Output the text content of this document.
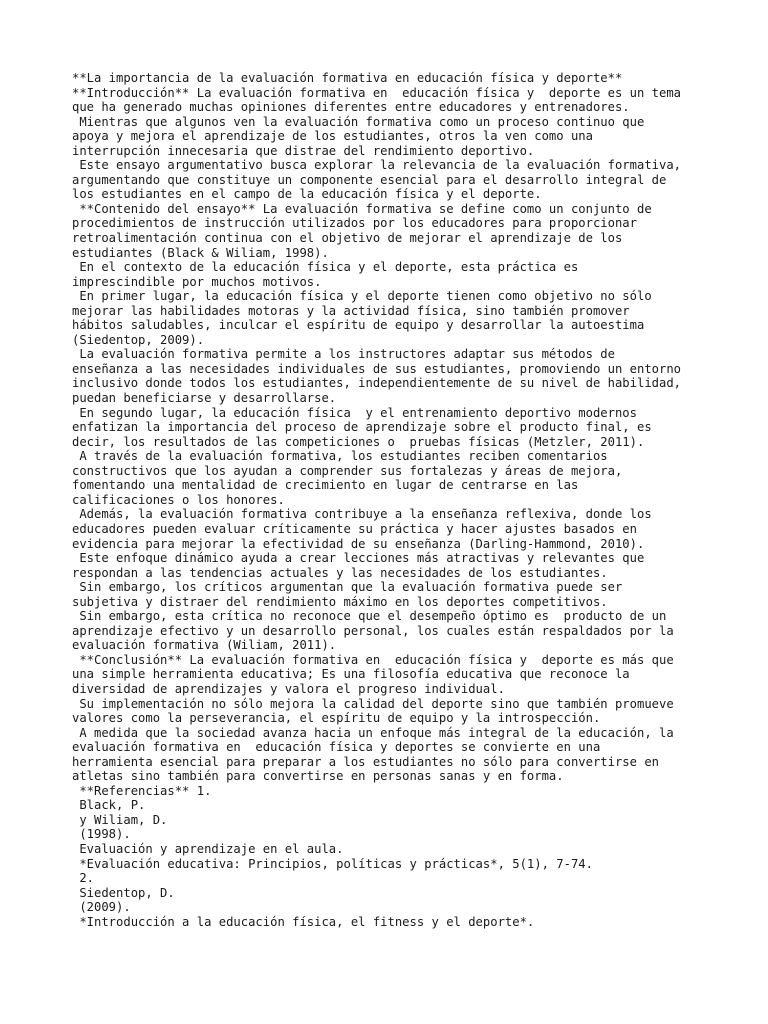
**La importancia de la evaluación formativa en educación física y deporte**
**Introducción** La evaluación formativa en  educación física y  deporte es un tema
que ha generado muchas opiniones diferentes entre educadores y entrenadores.
Mientras que algunos ven la evaluación formativa como un proceso continuo que
apoya y mejora el aprendizaje de los estudiantes, otros la ven como una
interrupción innecesaria que distrae del rendimiento deportivo.
Este ensayo argumentativo busca explorar la relevancia de la evaluación formativa,
argumentando que constituye un componente esencial para el desarrollo integral de
los estudiantes en el campo de la educación física y el deporte.
**Contenido del ensayo** La evaluación formativa se define como un conjunto de
procedimientos de instrucción utilizados por los educadores para proporcionar
retroalimentación continua con el objetivo de mejorar el aprendizaje de los
estudiantes (Black & Wiliam, 1998).
En el contexto de la educación física y el deporte, esta práctica es
imprescindible por muchos motivos.
En primer lugar, la educación física y el deporte tienen como objetivo no sólo
mejorar las habilidades motoras y la actividad física, sino también promover
hábitos saludables, inculcar el espíritu de equipo y desarrollar la autoestima
(Siedentop, 2009).
La evaluación formativa permite a los instructores adaptar sus métodos de
enseñanza a las necesidades individuales de sus estudiantes, promoviendo un entorno
inclusivo donde todos los estudiantes, independientemente de su nivel de habilidad,
puedan beneficiarse y desarrollarse.
En segundo lugar, la educación física  y el entrenamiento deportivo modernos
enfatizan la importancia del proceso de aprendizaje sobre el producto final, es
decir, los resultados de las competiciones o  pruebas físicas (Metzler, 2011).
A través de la evaluación formativa, los estudiantes reciben comentarios
constructivos que los ayudan a comprender sus fortalezas y áreas de mejora,
fomentando una mentalidad de crecimiento en lugar de centrarse en las
calificaciones o los honores.
Además, la evaluación formativa contribuye a la enseñanza reflexiva, donde los
educadores pueden evaluar críticamente su práctica y hacer ajustes basados en
evidencia para mejorar la efectividad de su enseñanza (Darling-Hammond, 2010).
Este enfoque dinámico ayuda a crear lecciones más atractivas y relevantes que
respondan a las tendencias actuales y las necesidades de los estudiantes.
Sin embargo, los críticos argumentan que la evaluación formativa puede ser
subjetiva y distraer del rendimiento máximo en los deportes competitivos.
Sin embargo, esta crítica no reconoce que el desempeño óptimo es  producto de un
aprendizaje efectivo y un desarrollo personal, los cuales están respaldados por la
evaluación formativa (Wiliam, 2011).
**Conclusión** La evaluación formativa en  educación física y  deporte es más que
una simple herramienta educativa; Es una filosofía educativa que reconoce la
diversidad de aprendizajes y valora el progreso individual.
Su implementación no sólo mejora la calidad del deporte sino que también promueve
valores como la perseverancia, el espíritu de equipo y la introspección.
A medida que la sociedad avanza hacia un enfoque más integral de la educación, la
evaluación formativa en  educación física y deportes se convierte en una
herramienta esencial para preparar a los estudiantes no sólo para convertirse en
atletas sino también para convertirse en personas sanas y en forma.
**Referencias** 1.
Black, P.
y Wiliam, D.
(1998).
Evaluación y aprendizaje en el aula.
*Evaluación educativa: Principios, políticas y prácticas*, 5(1), 7-74.
2.
Siedentop, D.
(2009).
*Introducción a la educación física, el fitness y el deporte*.
